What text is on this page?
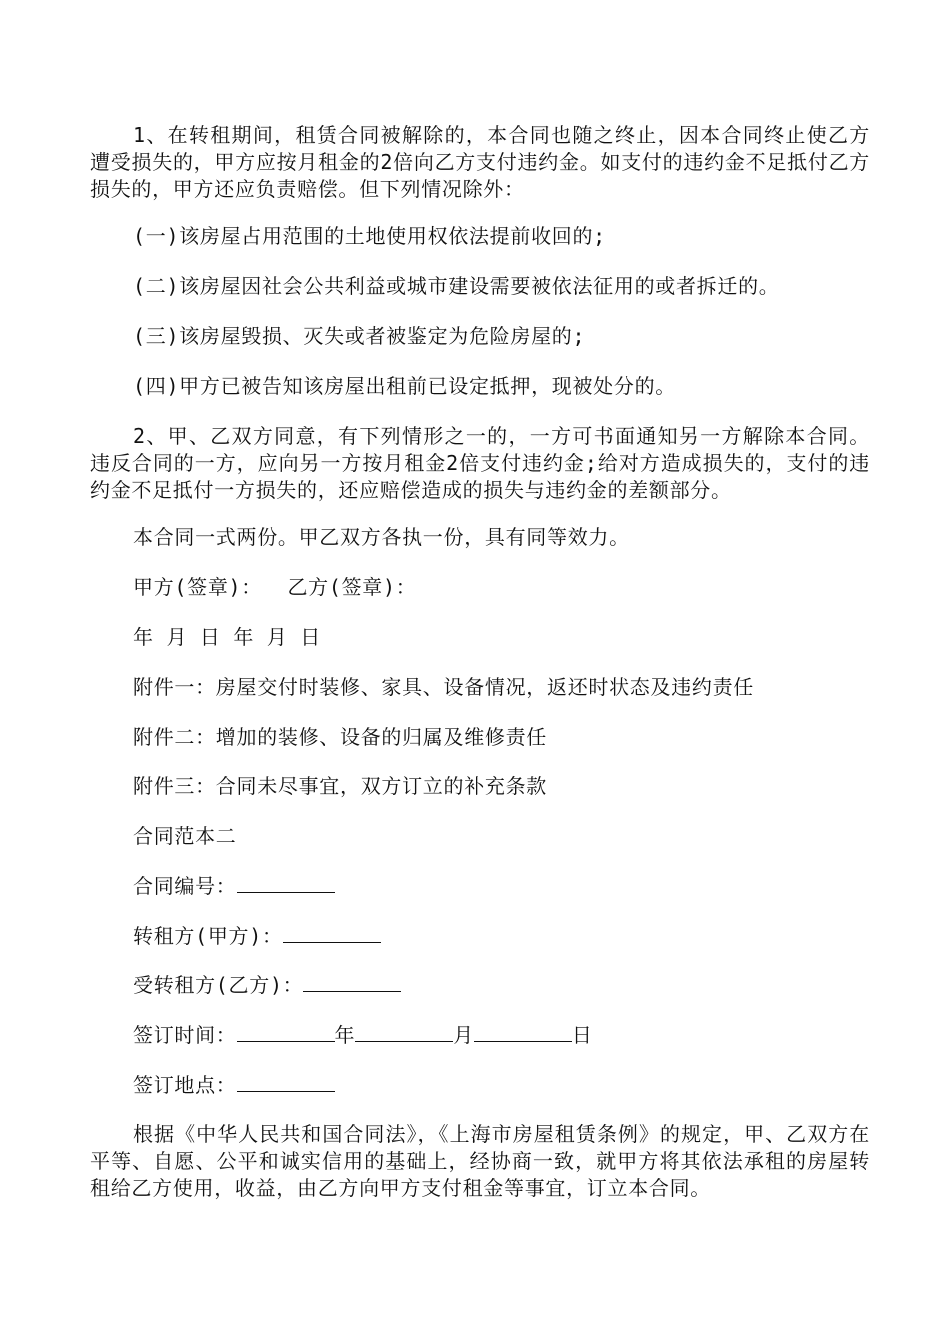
1、在转租期间，租赁合同被解除的，本合同也随之终止，因本合同终止使乙方遭受损失的，甲方应按月租金的2倍向乙方支付违约金。如支付的违约金不足抵付乙方损失的，甲方还应负责赔偿。但下列情况除外：

(一)该房屋占用范围的土地使用权依法提前收回的;

(二)该房屋因社会公共利益或城市建设需要被依法征用的或者拆迁的。

(三)该房屋毁损、灭失或者被鉴定为危险房屋的;

(四)甲方已被告知该房屋出租前已设定抵押，现被处分的。

2、甲、乙双方同意，有下列情形之一的，一方可书面通知另一方解除本合同。违反合同的一方，应向另一方按月租金2倍支付违约金;给对方造成损失的，支付的违约金不足抵付一方损失的，还应赔偿造成的损失与违约金的差额部分。

本合同一式两份。甲乙双方各执一份，具有同等效力。

甲方(签章)：  乙方(签章)：

年 月 日 年 月 日

附件一：房屋交付时装修、家具、设备情况，返还时状态及违约责任

附件二：增加的装修、设备的归属及维修责任

附件三：合同未尽事宜，双方订立的补充条款

合同范本二

合同编号：

转租方(甲方)：

受转租方(乙方)：

签订时间：	年	月	日

签订地点：

根据《中华人民共和国合同法》，《上海市房屋租赁条例》的规定，甲、乙双方在平等、自愿、公平和诚实信用的基础上，经协商一致，就甲方将其依法承租的房屋转租给乙方使用，收益，由乙方向甲方支付租金等事宜，订立本合同。
